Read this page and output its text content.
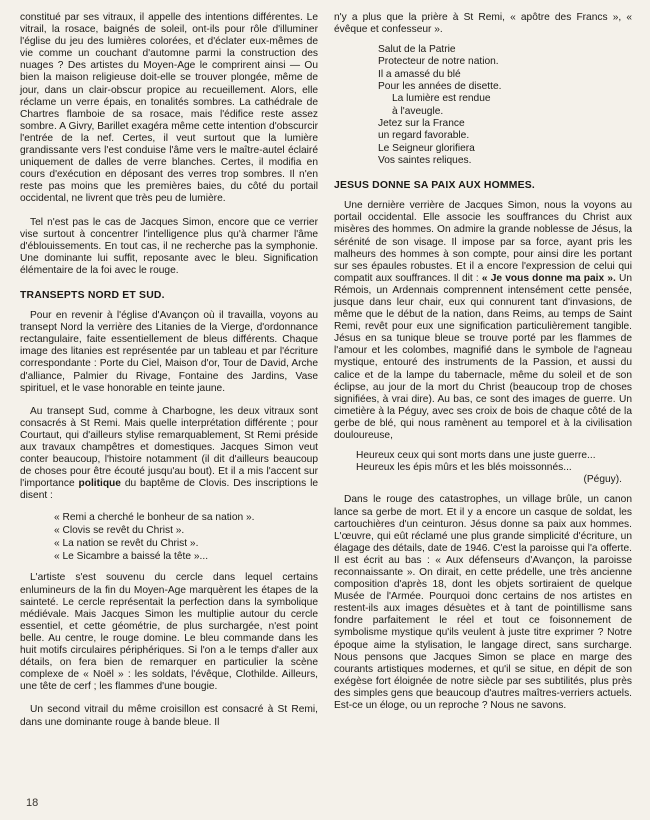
constitué par ses vitraux, il appelle des intentions différentes. Le vitrail, la rosace, baignés de soleil, ont-ils pour rôle d'illuminer l'église du jeu des lumières colorées, et d'éclater eux-mêmes de vie comme un couchant d'automne parmi la construction des nuages ? Des artistes du Moyen-Age le comprirent ainsi — Ou bien la maison religieuse doit-elle se trouver plongée, même de jour, dans un clair-obscur propice au recueillement. Alors, elle réclame un verre épais, en tonalités sombres. La cathédrale de Chartres flamboie de sa rosace, mais l'édifice reste assez sombre. A Givry, Barillet exagéra même cette intention d'obscurcir l'entrée de la nef. Certes, il veut surtout que la lumière grandissante vers l'est conduise l'âme vers le maître-autel éclairé uniquement de dalles de verre blanches. Certes, il modifia en cours d'exécution en déposant des verres trop sombres. Il n'en reste pas moins que les premières baies, du côté du portail occidental, ne livrent que très peu de lumière.

Tel n'est pas le cas de Jacques Simon, encore que ce verrier vise surtout à concentrer l'intelligence plus qu'à charmer l'âme d'éblouissements. En tout cas, il ne recherche pas la symphonie. Une dominante lui suffit, reposante avec le bleu. Signification élémentaire de la foi avec le rouge.

TRANSEPTS NORD ET SUD.

Pour en revenir à l'église d'Avançon où il travailla, voyons au transept Nord la verrière des Litanies de la Vierge, d'ordonnance rectangulaire, faite essentiellement de bleus différents. Chaque image des litanies est représentée par un tableau et par l'écriture correspondante : Porte du Ciel, Maison d'or, Tour de David, Arche d'alliance, Palmier du Rivage, Fontaine des Jardins, Vase spirituel, et le vase honorable en teinte jaune.

Au transept Sud, comme à Charbogne, les deux vitraux sont consacrés à St Remi. Mais quelle interprétation différente ; pour Courtaut, qui d'ailleurs stylise remarquablement, St Remi préside aux travaux champêtres et domestiques. Jacques Simon veut conter beaucoup, l'histoire notamment (il dit d'ailleurs beaucoup de choses pour être écouté jusqu'au bout). Et il a mis l'accent sur l'importance politique du baptême de Clovis. Des inscriptions le disent :

« Remi a cherché le bonheur de sa nation ».
« Clovis se revêt du Christ ».
« La nation se revêt du Christ ».
« Le Sicambre a baissé la tête »...

L'artiste s'est souvenu du cercle dans lequel certains enlumineurs de la fin du Moyen-Age marquèrent les étapes de la sainteté. Le cercle représentait la perfection dans la symbolique médiévale. Mais Jacques Simon les multiplie autour du cercle essentiel, et cette géométrie, de plus surchargée, n'est point belle. Au centre, le rouge domine. Le bleu commande dans les huit motifs circulaires périphériques. Si l'on a le temps d'aller aux détails, on fera bien de remarquer en particulier la scène complexe de « Noël » : les soldats, l'évêque, Clothilde. Ailleurs, une tête de cerf ; les flammes d'une bougie.

Un second vitrail du même croisillon est consacré à St Remi, dans une dominante rouge à bande bleue. Il

n'y a plus que la prière à St Remi, « apôtre des Francs », « évêque et confesseur ».

Salut de la Patrie
Protecteur de notre nation.
Il a amassé du blé
Pour les années de disette.
La lumière est rendue
à l'aveugle.
Jetez sur la France
un regard favorable.
Le Seigneur glorifiera
Vos saintes reliques.
JESUS DONNE SA PAIX AUX HOMMES.

Une dernière verrière de Jacques Simon, nous la voyons au portail occidental. Elle associe les souffrances du Christ aux misères des hommes. On admire la grande noblesse de Jésus, la sérénité de son visage. Il impose par sa force, ayant pris les malheurs des hommes à son compte, pour ainsi dire les portant sur ses épaules robustes. Et il a encore l'expression de celui qui compatit aux souffrances. Il dit : « Je vous donne ma paix ». Un Rémois, un Ardennais comprennent intensément cette pensée, jusque dans leur chair, eux qui connurent tant d'invasions, de même que le début de la nation, dans Reims, au temps de Saint Remi, revêt pour eux une signification particulièrement tangible. Jésus en sa tunique bleue se trouve porté par les flammes de l'amour et les colombes, magnifié dans le symbole de l'agneau mystique, entouré des instruments de la Passion, et aussi du calice et de la lampe du tabernacle, même du soleil et de son éclipse, au jour de la mort du Christ (beaucoup trop de choses signifiées, à vrai dire). Au bas, ce sont des images de guerre. Un cimetière à la Péguy, avec ses croix de bois de chaque côté de la gerbe de blé, qui nous ramènent au temporel et à la civilisation douloureuse,

Heureux ceux qui sont morts dans une juste guerre...
Heureux les épis mûrs et les blés moissonnés...
(Péguy).

Dans le rouge des catastrophes, un village brûle, un canon lance sa gerbe de mort. Et il y a encore un casque de soldat, les cartouchières d'un ceinturon. Jésus donne sa paix aux hommes. L'œuvre, qui eût réclamé une plus grande simplicité d'écriture, un élagage des détails, date de 1946. C'est la paroisse qui l'a offerte. Il est écrit au bas : « Aux défenseurs d'Avançon, la paroisse reconnaissante ». On dirait, en cette prédelle, une très ancienne composition d'après 18, dont les objets sortiraient de quelque Musée de l'Armée. Pourquoi donc certains de nos artistes en restent-ils aux images désuètes et à tant de pointillisme sans fondre parfaitement le réel et tout ce foisonnement de symbolisme mystique qu'ils veulent à juste titre exprimer ? Notre époque aime la stylisation, le langage direct, sans surcharge. Nous pensons que Jacques Simon se place en marge des courants artistiques modernes, et qu'il se situe, en dépit de son exégèse fort éloignée de notre siècle par ses subtilités, plus près des simples gens que beaucoup d'autres maîtres-verriers actuels. Est-ce un éloge, ou un reproche ? Nous ne savons.

18
